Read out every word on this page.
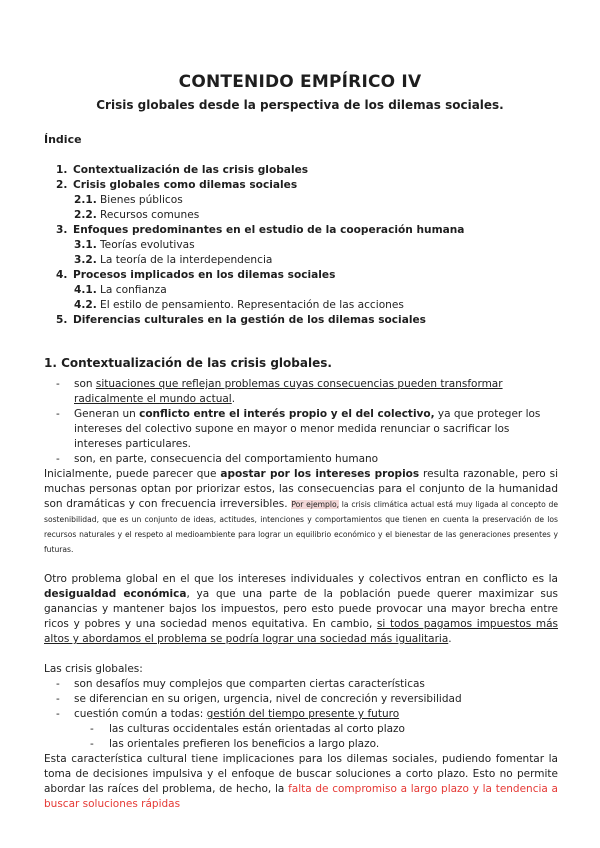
CONTENIDO EMPÍRICO IV
Crisis globales desde la perspectiva de los dilemas sociales.
Índice
1. Contextualización de las crisis globales
2. Crisis globales como dilemas sociales
2.1. Bienes públicos
2.2. Recursos comunes
3. Enfoques predominantes en el estudio de la cooperación humana
3.1. Teorías evolutivas
3.2. La teoría de la interdependencia
4. Procesos implicados en los dilemas sociales
4.1. La confianza
4.2. El estilo de pensamiento. Representación de las acciones
5. Diferencias culturales en la gestión de los dilemas sociales
1. Contextualización de las crisis globales.
- son situaciones que reflejan problemas cuyas consecuencias pueden transformar radicalmente el mundo actual.
- Generan un conflicto entre el interés propio y el del colectivo, ya que proteger los intereses del colectivo supone en mayor o menor medida renunciar o sacrificar los intereses particulares.
- son, en parte, consecuencia del comportamiento humano
Inicialmente, puede parecer que apostar por los intereses propios resulta razonable, pero si muchas personas optan por priorizar estos, las consecuencias para el conjunto de la humanidad son dramáticas y con frecuencia irreversibles. Por ejemplo, la crisis climática actual está muy ligada al concepto de sostenibilidad, que es un conjunto de ideas, actitudes, intenciones y comportamientos que tienen en cuenta la preservación de los recursos naturales y el respeto al medioambiente para lograr un equilibrio económico y el bienestar de las generaciones presentes y futuras.
Otro problema global en el que los intereses individuales y colectivos entran en conflicto es la desigualdad económica, ya que una parte de la población puede querer maximizar sus ganancias y mantener bajos los impuestos, pero esto puede provocar una mayor brecha entre ricos y pobres y una sociedad menos equitativa. En cambio, si todos pagamos impuestos más altos y abordamos el problema se podría lograr una sociedad más igualitaria.
Las crisis globales:
- son desafíos muy complejos que comparten ciertas características
- se diferencian en su origen, urgencia, nivel de concreción y reversibilidad
- cuestión común a todas: gestión del tiempo presente y futuro
- las culturas occidentales están orientadas al corto plazo
- las orientales prefieren los beneficios a largo plazo.
Esta característica cultural tiene implicaciones para los dilemas sociales, pudiendo fomentar la toma de decisiones impulsiva y el enfoque de buscar soluciones a corto plazo. Esto no permite abordar las raíces del problema, de hecho, la falta de compromiso a largo plazo y la tendencia a buscar soluciones rápidas
